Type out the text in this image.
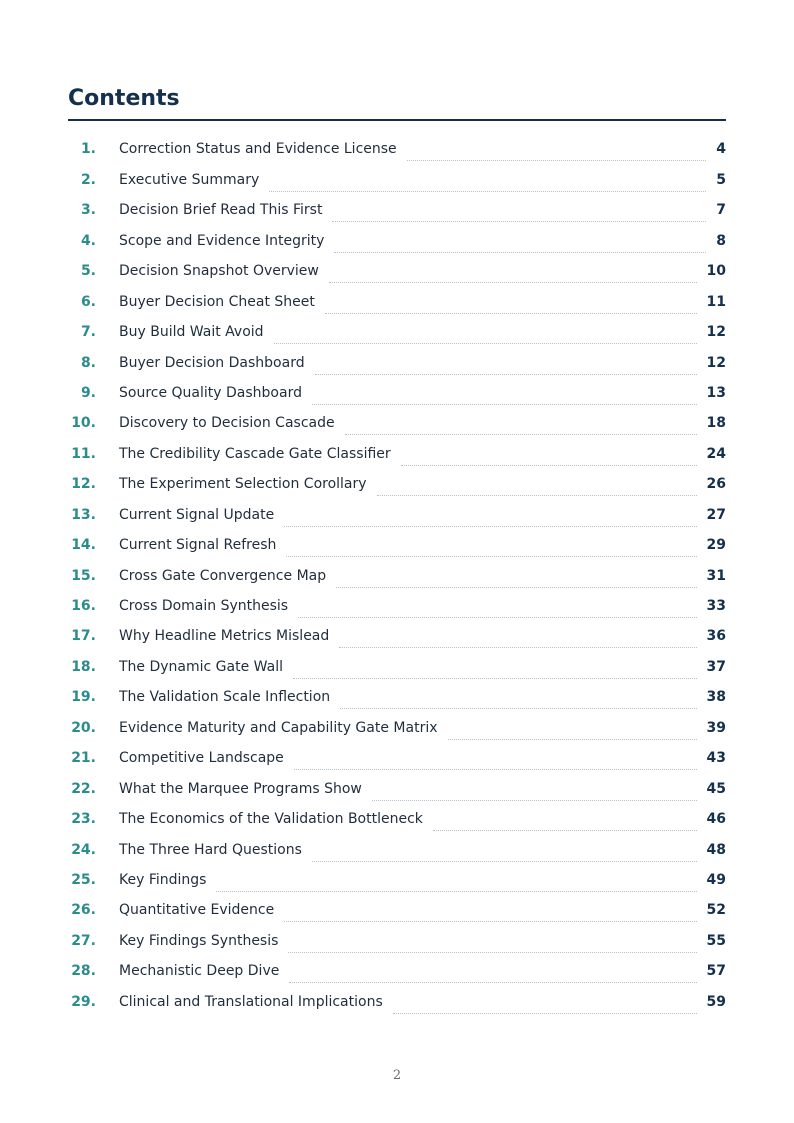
Contents
1. Correction Status and Evidence License	4
2. Executive Summary	5
3. Decision Brief Read This First	7
4. Scope and Evidence Integrity	8
5. Decision Snapshot Overview	10
6. Buyer Decision Cheat Sheet	11
7. Buy Build Wait Avoid	12
8. Buyer Decision Dashboard	12
9. Source Quality Dashboard	13
10. Discovery to Decision Cascade	18
11. The Credibility Cascade Gate Classifier	24
12. The Experiment Selection Corollary	26
13. Current Signal Update	27
14. Current Signal Refresh	29
15. Cross Gate Convergence Map	31
16. Cross Domain Synthesis	33
17. Why Headline Metrics Mislead	36
18. The Dynamic Gate Wall	37
19. The Validation Scale Inflection	38
20. Evidence Maturity and Capability Gate Matrix	39
21. Competitive Landscape	43
22. What the Marquee Programs Show	45
23. The Economics of the Validation Bottleneck	46
24. The Three Hard Questions	48
25. Key Findings	49
26. Quantitative Evidence	52
27. Key Findings Synthesis	55
28. Mechanistic Deep Dive	57
29. Clinical and Translational Implications	59
2
